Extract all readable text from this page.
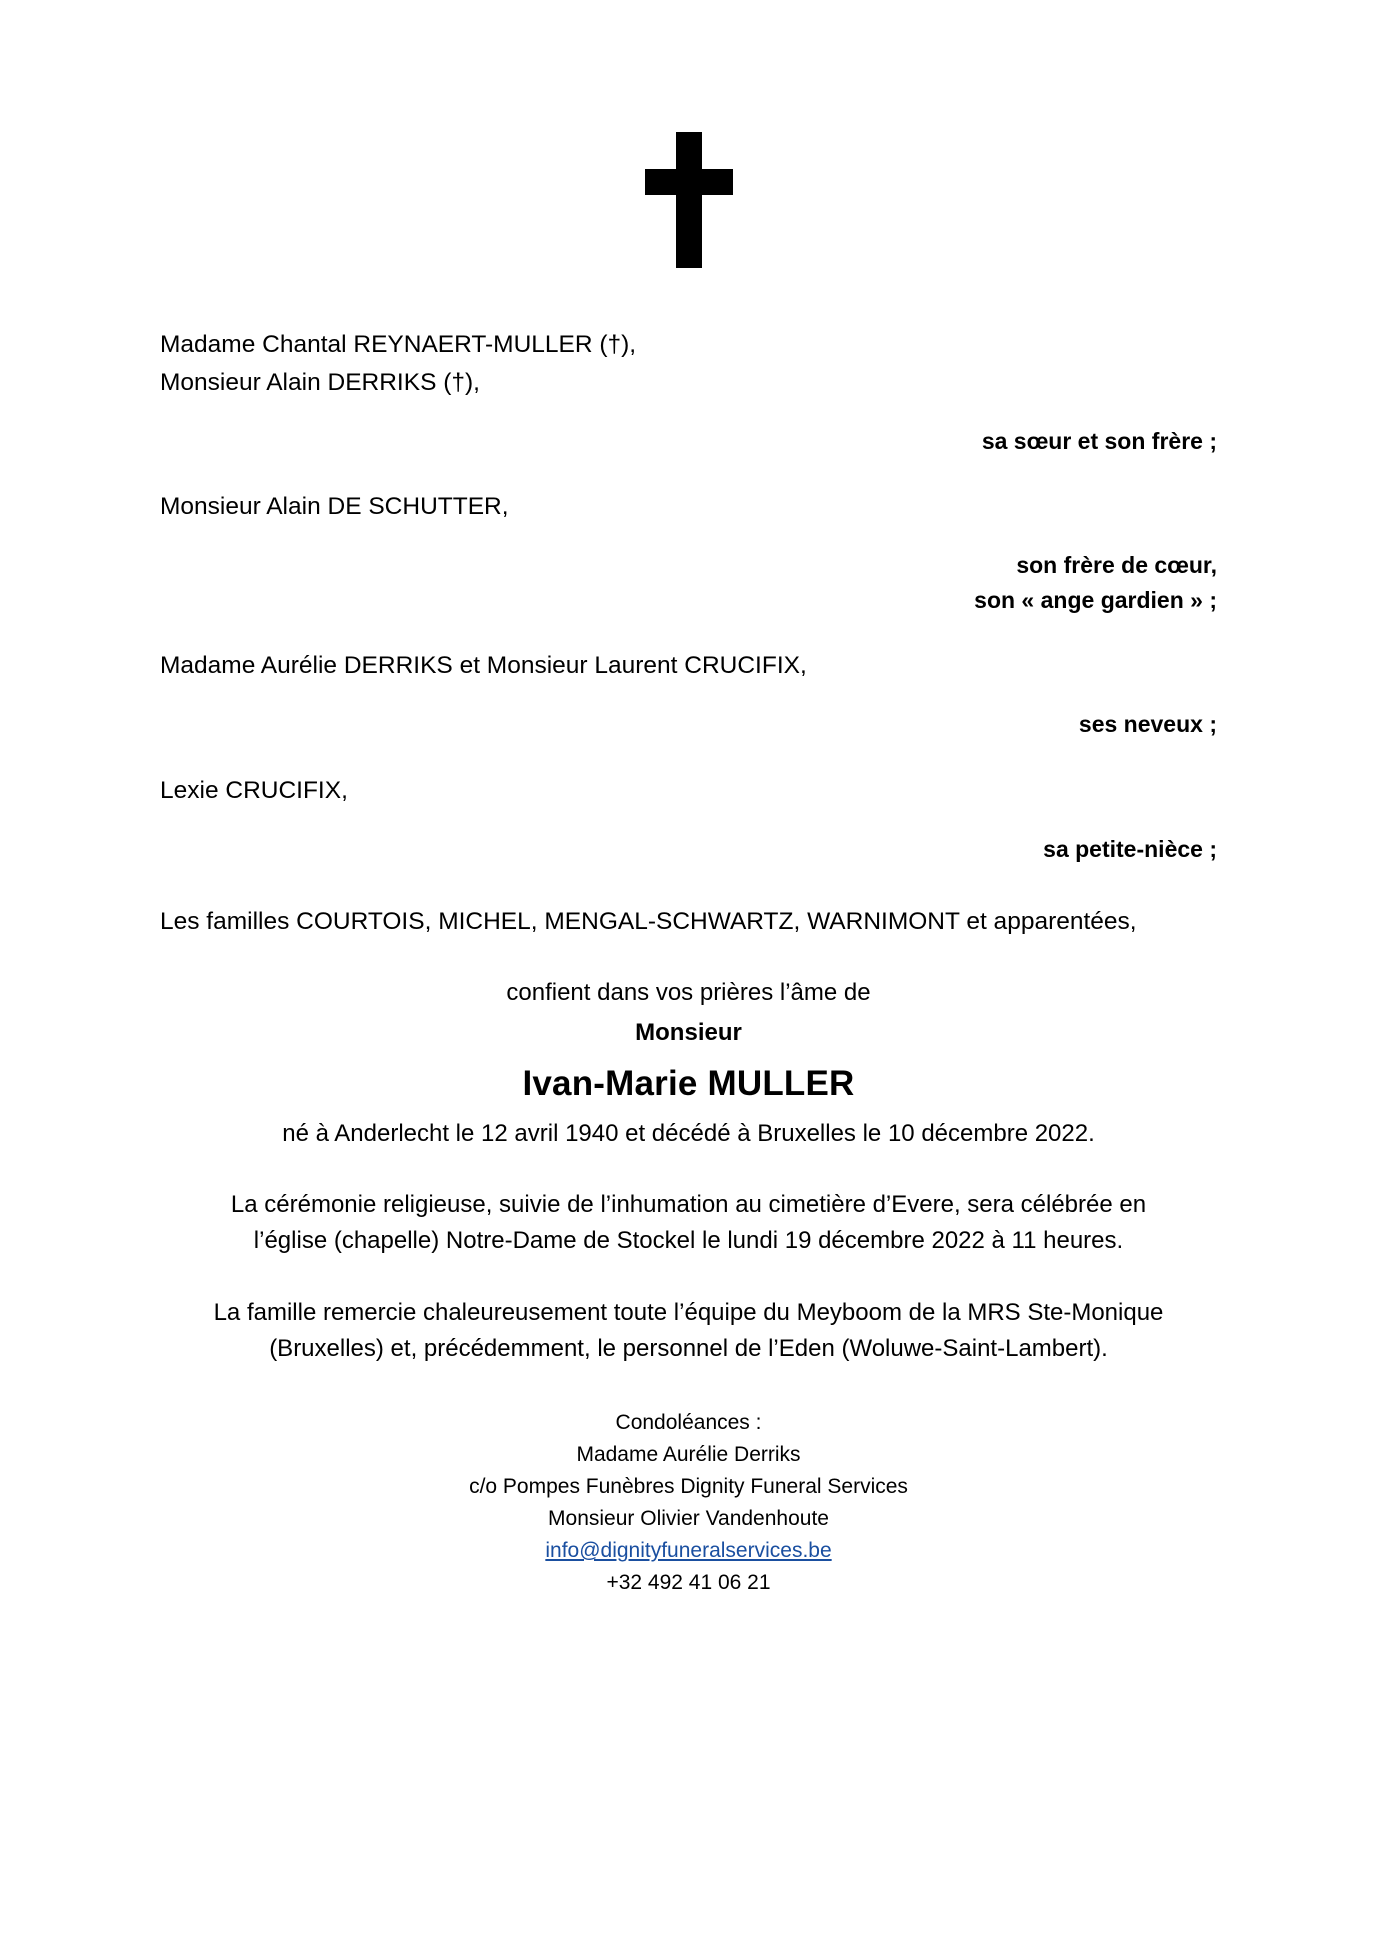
Madame Chantal REYNAERT-MULLER (†),
Monsieur Alain DERRIKS (†),
sa sœur et son frère ;
Monsieur Alain DE SCHUTTER,
son frère de cœur,
son « ange gardien » ;
Madame Aurélie DERRIKS et Monsieur Laurent CRUCIFIX,
ses neveux ;
Lexie CRUCIFIX,
sa petite-nièce ;
Les familles COURTOIS, MICHEL, MENGAL-SCHWARTZ, WARNIMONT et apparentées,
confient dans vos prières l’âme de
Monsieur
Ivan-Marie MULLER
né à Anderlecht le 12 avril 1940 et décédé à Bruxelles le 10 décembre 2022.
La cérémonie religieuse, suivie de l’inhumation au cimetière d’Evere, sera célébrée en
l’église (chapelle) Notre-Dame de Stockel le lundi 19 décembre 2022 à 11 heures.
La famille remercie chaleureusement toute l’équipe du Meyboom de la MRS Ste-Monique
(Bruxelles) et, précédemment, le personnel de l’Eden (Woluwe-Saint-Lambert).
Condoléances :
Madame Aurélie Derriks
c/o Pompes Funèbres Dignity Funeral Services
Monsieur Olivier Vandenhoute
info@dignityfuneralservices.be
+32 492 41 06 21
